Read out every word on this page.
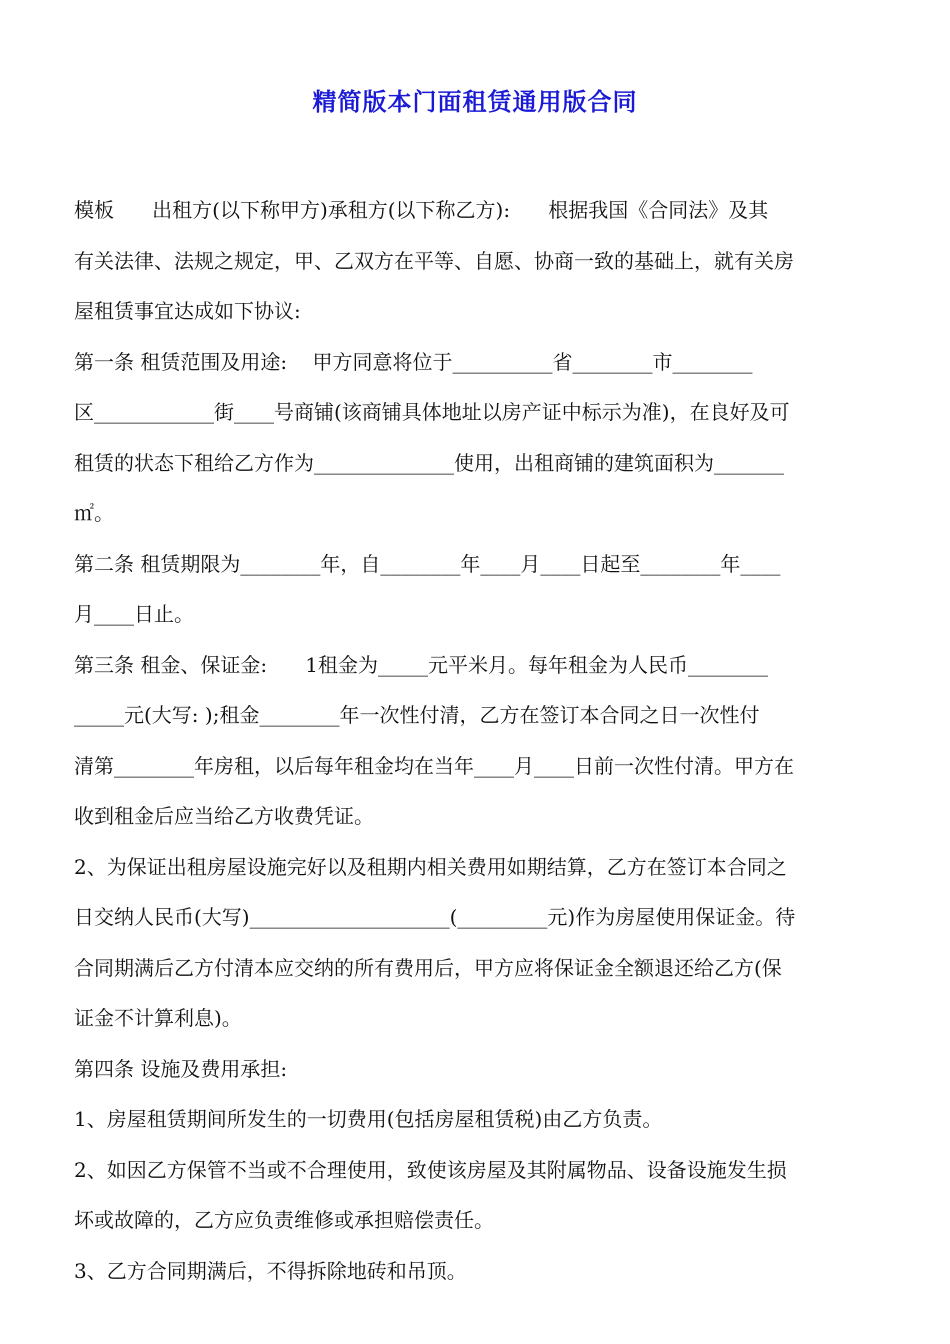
精简版本门面租赁通用版合同
模板      出租方(以下称甲方)承租方(以下称乙方):      根据我国《合同法》及其
有关法律、法规之规定，甲、乙双方在平等、自愿、协商一致的基础上，就有关房
屋租赁事宜达成如下协议:
第一条 租赁范围及用途:    甲方同意将位于__________省________市________
区____________街____号商铺(该商铺具体地址以房产证中标示为准)，在良好及可
租赁的状态下租给乙方作为______________使用，出租商铺的建筑面积为_______
㎡。
第二条 租赁期限为________年，自________年____月____日起至________年____
月____日止。
第三条 租金、保证金:      1租金为_____元平米月。每年租金为人民币________
_____元(大写: );租金________年一次性付清，乙方在签订本合同之日一次性付
清第________年房租，以后每年租金均在当年____月____日前一次性付清。甲方在
收到租金后应当给乙方收费凭证。
2、为保证出租房屋设施完好以及租期内相关费用如期结算，乙方在签订本合同之
日交纳人民币(大写)____________________(_________元)作为房屋使用保证金。待
合同期满后乙方付清本应交纳的所有费用后，甲方应将保证金全额退还给乙方(保
证金不计算利息)。
第四条 设施及费用承担:
1、房屋租赁期间所发生的一切费用(包括房屋租赁税)由乙方负责。
2、如因乙方保管不当或不合理使用，致使该房屋及其附属物品、设备设施发生损
坏或故障的，乙方应负责维修或承担赔偿责任。
3、乙方合同期满后，不得拆除地砖和吊顶。
